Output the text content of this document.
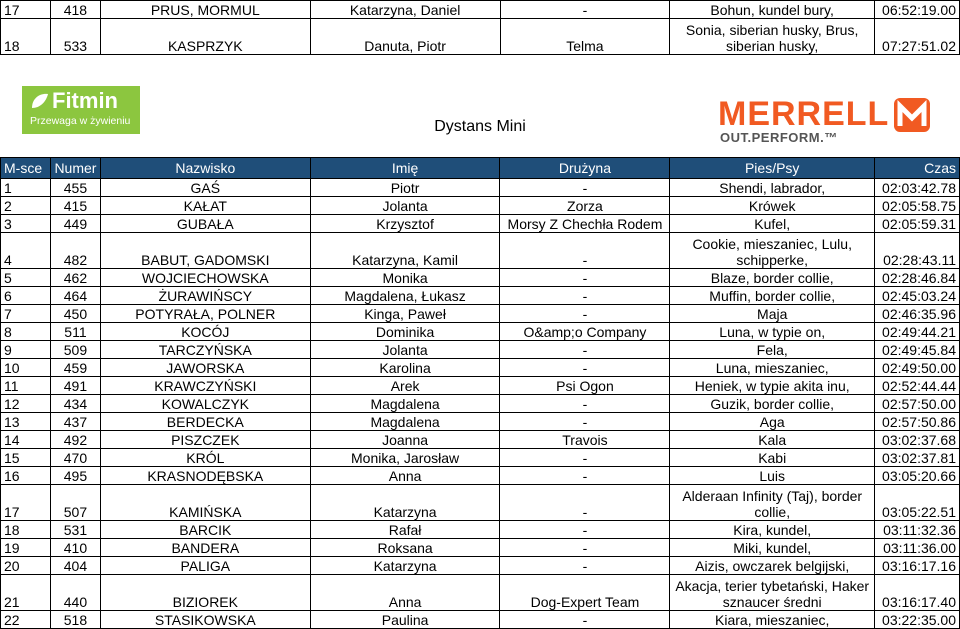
17	418	PRUS, MORMUL	Katarzyna, Daniel	-	Bohun, kundel bury,	06:52:19.00
18	533	KASPRZYK	Danuta, Piotr	Telma	Sonia, siberian husky, Brus, siberian husky,	07:27:51.02
Fitmin
Przewaga w żywieniu	Dystans Mini	MERRELL
OUT.PERFORM.™
M-sce	Numer	Nazwisko	Imię	Drużyna	Pies/Psy	Czas
1	455	GAŚ	Piotr	-	Shendi, labrador,	02:03:42.78
2	415	KAŁAT	Jolanta	Zorza	Krówek	02:05:58.75
3	449	GUBAŁA	Krzysztof	Morsy Z Chechła Rodem	Kufel,	02:05:59.31
4	482	BABUT, GADOMSKI	Katarzyna, Kamil	-	Cookie, mieszaniec, Lulu, schipperke,	02:28:43.11
5	462	WOJCIECHOWSKA	Monika	-	Blaze, border collie,	02:28:46.84
6	464	ŻURAWIŃSCY	Magdalena, Łukasz	-	Muffin, border collie,	02:45:03.24
7	450	POTYRAŁA, POLNER	Kinga, Paweł	-	Maja	02:46:35.96
8	511	KOCÓJ	Dominika	O&amp;o Company	Luna, w typie on,	02:49:44.21
9	509	TARCZYŃSKA	Jolanta	-	Fela,	02:49:45.84
10	459	JAWORSKA	Karolina	-	Luna, mieszaniec,	02:49:50.00
11	491	KRAWCZYŃSKI	Arek	Psi Ogon	Heniek, w typie akita inu,	02:52:44.44
12	434	KOWALCZYK	Magdalena	-	Guzik, border collie,	02:57:50.00
13	437	BERDECKA	Magdalena	-	Aga	02:57:50.86
14	492	PISZCZEK	Joanna	Travois	Kala	03:02:37.68
15	470	KRÓL	Monika, Jarosław	-	Kabi	03:02:37.81
16	495	KRASNODĘBSKA	Anna	-	Luis	03:05:20.66
17	507	KAMIŃSKA	Katarzyna	-	Alderaan Infinity (Taj), border collie,	03:05:22.51
18	531	BARCIK	Rafał	-	Kira, kundel,	03:11:32.36
19	410	BANDERA	Roksana	-	Miki, kundel,	03:11:36.00
20	404	PALIGA	Katarzyna	-	Aizis, owczarek belgijski,	03:16:17.16
21	440	BIZIOREK	Anna	Dog-Expert Team	Akacja, terier tybetański, Haker sznaucer średni	03:16:17.40
22	518	STASIKOWSKA	Paulina	-	Kiara, mieszaniec,	03:22:35.00
